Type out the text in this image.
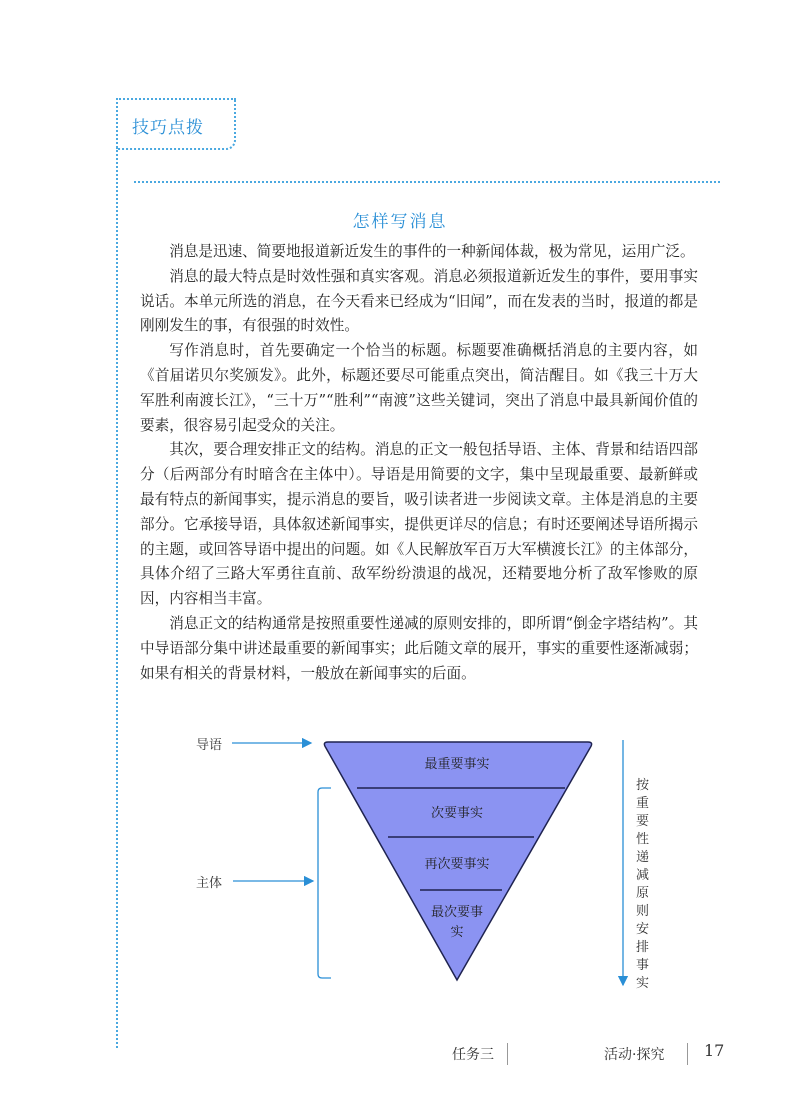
技巧点拨
怎样写消息

消息是迅速、简要地报道新近发生的事件的一种新闻体裁，极为常见，运用广泛。

消息的最大特点是时效性强和真实客观。消息必须报道新近发生的事件，要用事实说话。本单元所选的消息，在今天看来已经成为“旧闻”，而在发表的当时，报道的都是刚刚发生的事，有很强的时效性。

写作消息时，首先要确定一个恰当的标题。标题要准确概括消息的主要内容，如《首届诺贝尔奖颁发》。此外，标题还要尽可能重点突出，简洁醒目。如《我三十万大军胜利南渡长江》，“三十万”“胜利”“南渡”这些关键词，突出了消息中最具新闻价值的要素，很容易引起受众的关注。

其次，要合理安排正文的结构。消息的正文一般包括导语、主体、背景和结语四部分（后两部分有时暗含在主体中）。导语是用简要的文字，集中呈现最重要、最新鲜或最有特点的新闻事实，提示消息的要旨，吸引读者进一步阅读文章。主体是消息的主要部分。它承接导语，具体叙述新闻事实，提供更详尽的信息；有时还要阐述导语所揭示的主题，或回答导语中提出的问题。如《人民解放军百万大军横渡长江》的主体部分，具体介绍了三路大军勇往直前、敌军纷纷溃退的战况，还精要地分析了敌军惨败的原因，内容相当丰富。

消息正文的结构通常是按照重要性递减的原则安排的，即所谓“倒金字塔结构”。其中导语部分集中讲述最重要的新闻事实；此后随文章的展开，事实的重要性逐渐减弱；如果有相关的背景材料，一般放在新闻事实的后面。

导语
主体
最重要事实
次要事实
再次要事实
最次要事实
按重要性递减原则安排事实
任务三	活动·探究 17
